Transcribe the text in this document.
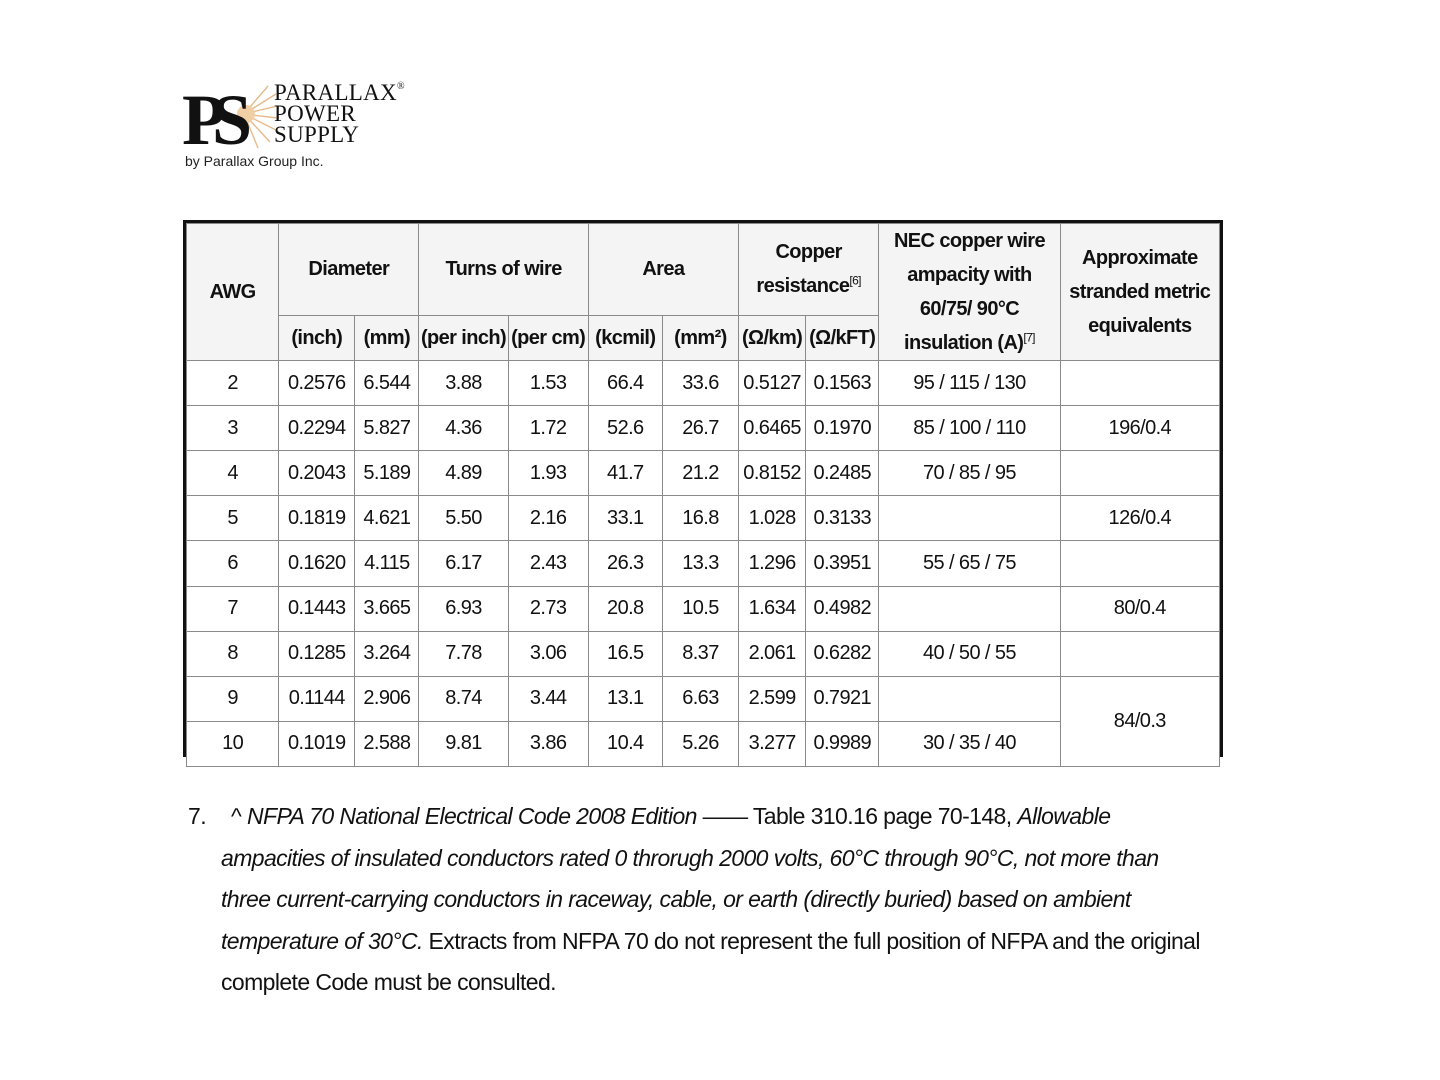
PS	PARALLAX®
POWER
SUPPLY
by Parallax Group Inc.
AWG	Diameter		Turns of wire		Area		Copper resistance[6]		NEC copper wire ampacity with 60/75/ 90°C insulation (A)[7]	Approximate stranded metric equivalents
	(inch)	(mm)	(per inch)	(per cm)	(kcmil)	(mm²)	(Ω/km)	(Ω/kFT)		
2	0.2576	6.544	3.88	1.53	66.4	33.6	0.5127	0.1563	95 / 115 / 130	
3	0.2294	5.827	4.36	1.72	52.6	26.7	0.6465	0.1970	85 / 100 / 110	196/0.4
4	0.2043	5.189	4.89	1.93	41.7	21.2	0.8152	0.2485	70 / 85 / 95	
5	0.1819	4.621	5.50	2.16	33.1	16.8	1.028	0.3133		126/0.4
6	0.1620	4.115	6.17	2.43	26.3	13.3	1.296	0.3951	55 / 65 / 75	
7	0.1443	3.665	6.93	2.73	20.8	10.5	1.634	0.4982		80/0.4
8	0.1285	3.264	7.78	3.06	16.5	8.37	2.061	0.6282	40 / 50 / 55	
9	0.1144	2.906	8.74	3.44	13.1	6.63	2.599	0.7921		84/0.3
10	0.1019	2.588	9.81	3.86	10.4	5.26	3.277	0.9989	30 / 35 / 40	
7.	^ NFPA 70 National Electrical Code 2008 Edition —— Table 310.16 page 70-148, Allowable ampacities of insulated conductors rated 0 throrugh 2000 volts, 60°C through 90°C, not more than three current-carrying conductors in raceway, cable, or earth (directly buried) based on ambient temperature of 30°C. Extracts from NFPA 70 do not represent the full position of NFPA and the original complete Code must be consulted.
